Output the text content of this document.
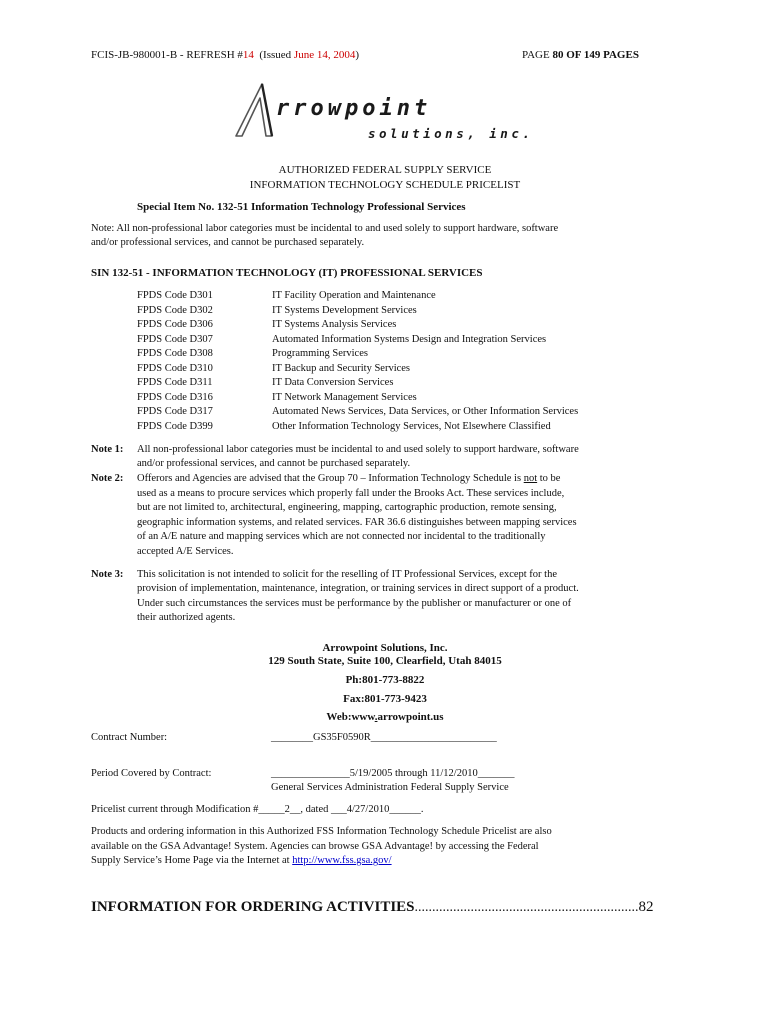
FCIS-JB-980001-B - REFRESH #14  (Issued June 14, 2004)	PAGE 80 OF 149 PAGES
rrowpoint
solutions, inc.
AUTHORIZED FEDERAL SUPPLY SERVICE
INFORMATION TECHNOLOGY SCHEDULE PRICELIST
Special Item No. 132-51 Information Technology Professional Services
Note: All non-professional labor categories must be incidental to and used solely to support hardware, software
and/or professional services, and cannot be purchased separately.
SIN 132-51 - INFORMATION TECHNOLOGY (IT) PROFESSIONAL SERVICES
FPDS Code D301	IT Facility Operation and Maintenance
FPDS Code D302	IT Systems Development Services
FPDS Code D306	IT Systems Analysis Services
FPDS Code D307	Automated Information Systems Design and Integration Services
FPDS Code D308	Programming Services
FPDS Code D310	IT Backup and Security Services
FPDS Code D311	IT Data Conversion Services
FPDS Code D316	IT Network Management Services
FPDS Code D317	Automated News Services, Data Services, or Other Information Services
FPDS Code D399	Other Information Technology Services, Not Elsewhere Classified
Note 1: All non-professional labor categories must be incidental to and used solely to support hardware, software
and/or professional services, and cannot be purchased separately.
Note 2: Offerors and Agencies are advised that the Group 70 – Information Technology Schedule is not to be
used as a means to procure services which properly fall under the Brooks Act. These services include,
but are not limited to, architectural, engineering, mapping, cartographic production, remote sensing,
geographic information systems, and related services. FAR 36.6 distinguishes between mapping services
of an A/E nature and mapping services which are not connected nor incidental to the traditionally
accepted A/E Services.
Note 3: This solicitation is not intended to solicit for the reselling of IT Professional Services, except for the
provision of implementation, maintenance, integration, or training services in direct support of a product.
Under such circumstances the services must be performance by the publisher or manufacturer or one of
their authorized agents.
Arrowpoint Solutions, Inc.
129 South State, Suite 100, Clearfield, Utah 84015
Ph:801-773-8822
Fax:801-773-9423
Web:www.arrowpoint.us
Contract Number:	________GS35F0590R________________________
Period Covered by Contract:	_______________5/19/2005 through 11/12/2010_______
General Services Administration Federal Supply Service
Pricelist current through Modification #_____2__, dated ___4/27/2010______.
Products and ordering information in this Authorized FSS Information Technology Schedule Pricelist are also
available on the GSA Advantage! System. Agencies can browse GSA Advantage! by accessing the Federal
Supply Service’s Home Page via the Internet at http://www.fss.gsa.gov/
INFORMATION FOR ORDERING ACTIVITIES................................................................82
